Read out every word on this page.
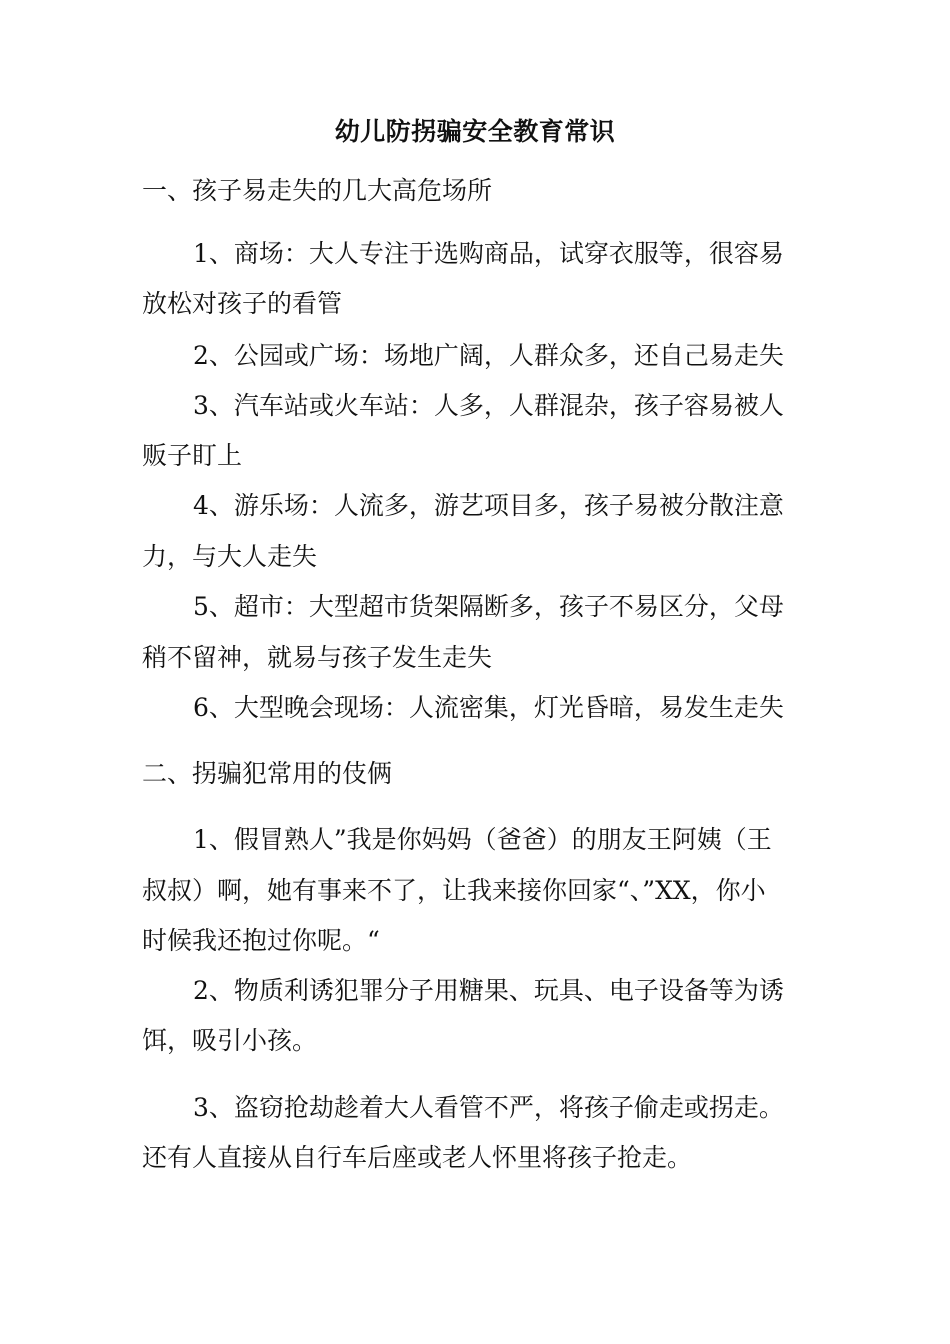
幼儿防拐骗安全教育常识
一、孩子易走失的几大高危场所
1、商场：大人专注于选购商品，试穿衣服等，很容易
放松对孩子的看管
2、公园或广场：场地广阔，人群众多，还自己易走失
3、汽车站或火车站：人多，人群混杂，孩子容易被人
贩子盯上
4、游乐场：人流多，游艺项目多，孩子易被分散注意
力，与大人走失
5、超市：大型超市货架隔断多，孩子不易区分，父母
稍不留神，就易与孩子发生走失
6、大型晚会现场：人流密集，灯光昏暗，易发生走失
二、拐骗犯常用的伎俩
1、假冒熟人”我是你妈妈（爸爸）的朋友王阿姨（王
叔叔）啊，她有事来不了，让我来接你回家“、”XX，你小
时候我还抱过你呢。“
2、物质利诱犯罪分子用糖果、玩具、电子设备等为诱
饵，吸引小孩。
3、盗窃抢劫趁着大人看管不严，将孩子偷走或拐走。
还有人直接从自行车后座或老人怀里将孩子抢走。
